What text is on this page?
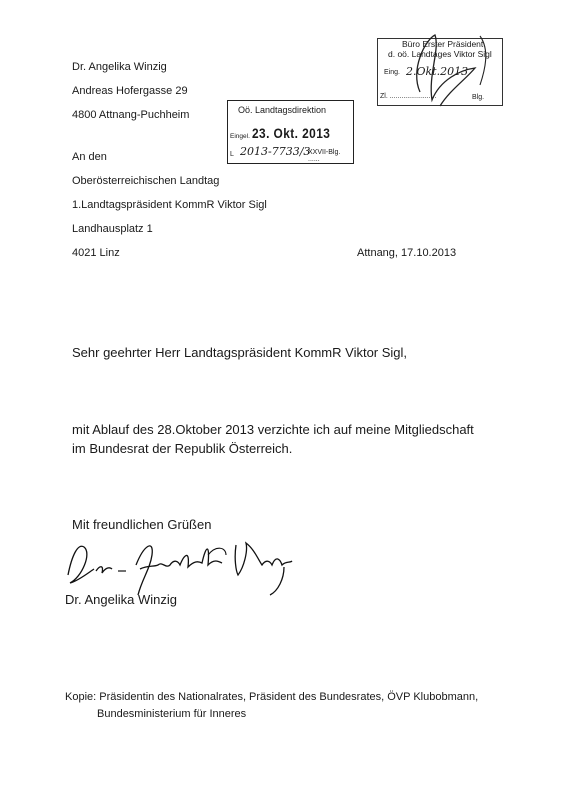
Dr. Angelika Winzig
Andreas Hofergasse 29
4800 Attnang-Puchheim	Oö. Landtagsdirektion
Eingel. 23. Okt. 2013
L 2013-7733/3
XXVII-Blg. ......
Büro Erster Präsident
d. oö. Landtages Viktor Sigl
Eing. 2.Okt.2013
Zl. ........................	Blg.
An den
Oberösterreichischen Landtag
1.Landtagspräsident KommR Viktor Sigl
Landhausplatz 1
4021 Linz	Attnang, 17.10.2013
Sehr geehrter Herr Landtagspräsident KommR Viktor Sigl,
mit Ablauf des 28.Oktober 2013 verzichte ich auf meine Mitgliedschaft im Bundesrat der Republik Österreich.
Mit freundlichen Grüßen
Dr. Angelika Winzig
Kopie: Präsidentin des Nationalrates, Präsident des Bundesrates, ÖVP Klubobmann,
Bundesministerium für Inneres
